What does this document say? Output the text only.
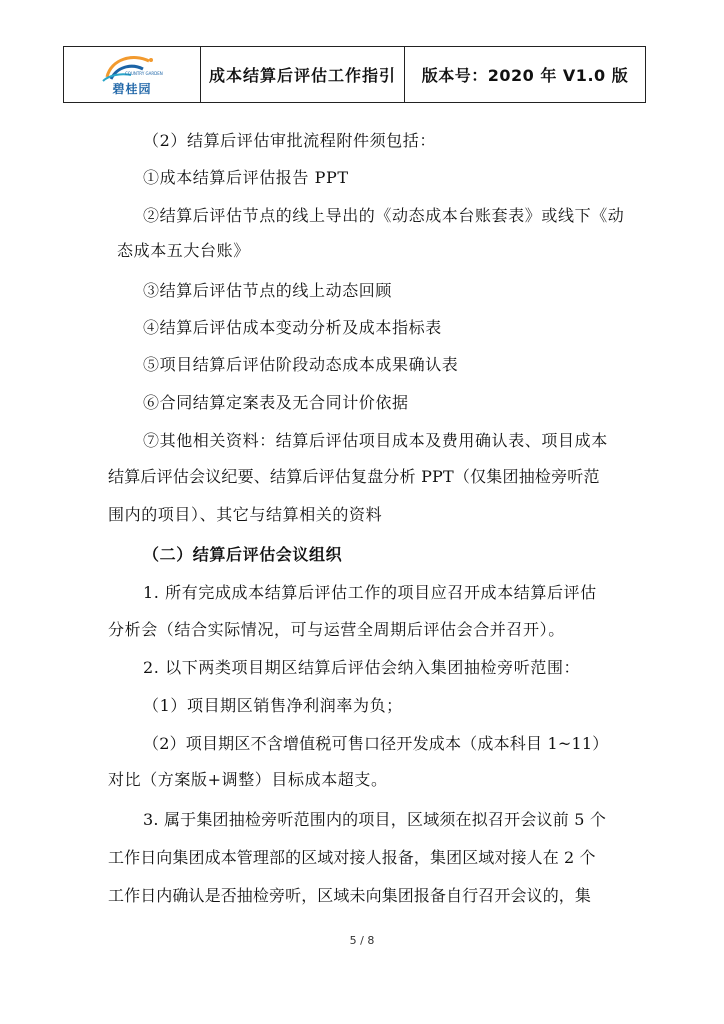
COUNTRY GARDEN
碧桂园
	成本结算后评估工作指引	版本号：2020 年 V1.0 版
（2）结算后评估审批流程附件须包括：
①成本结算后评估报告 PPT
②结算后评估节点的线上导出的《动态成本台账套表》或线下《动
态成本五大台账》
③结算后评估节点的线上动态回顾
④结算后评估成本变动分析及成本指标表
⑤项目结算后评估阶段动态成本成果确认表
⑥合同结算定案表及无合同计价依据
⑦其他相关资料：结算后评估项目成本及费用确认表、项目成本
结算后评估会议纪要、结算后评估复盘分析 PPT（仅集团抽检旁听范
围内的项目）、其它与结算相关的资料
（二）结算后评估会议组织
1. 所有完成成本结算后评估工作的项目应召开成本结算后评估
分析会（结合实际情况，可与运营全周期后评估会合并召开）。
2. 以下两类项目期区结算后评估会纳入集团抽检旁听范围：
（1）项目期区销售净利润率为负；
（2）项目期区不含增值税可售口径开发成本（成本科目 1~11）
对比（方案版+调整）目标成本超支。
3. 属于集团抽检旁听范围内的项目，区域须在拟召开会议前 5 个
工作日向集团成本管理部的区域对接人报备，集团区域对接人在 2 个
工作日内确认是否抽检旁听，区域未向集团报备自行召开会议的，集
5 / 8
